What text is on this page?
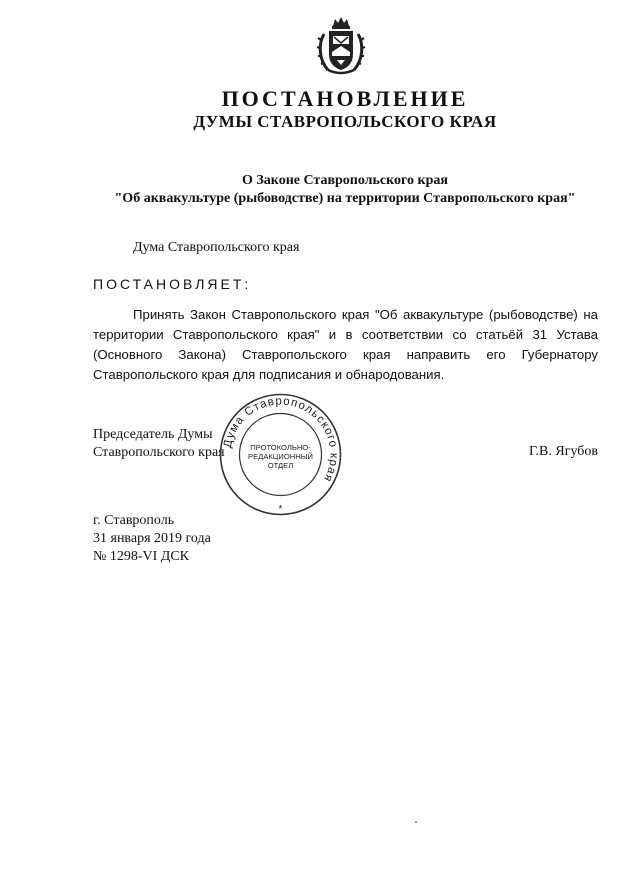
ПОСТАНОВЛЕНИЕ
ДУМЫ СТАВРОПОЛЬСКОГО КРАЯ
О Законе Ставропольского края
"Об аквакультуре (рыбоводстве) на территории Ставропольского края"
Дума Ставропольского края
ПОСТАНОВЛЯЕТ:
Принять Закон Ставропольского края "Об аквакультуре (рыбоводстве) на территории Ставропольского края" и в соответствии со статьёй 31 Устава (Основного Закона) Ставропольского края направить его Губернатору Ставропольского края для подписания и обнародования.
Председатель Думы
Ставропольского края
Дума Ставропольского края
ПРОТОКОЛЬНО-
РЕДАКЦИОННЫЙ
ОТДЕЛ
*
Г.В. Ягубов
г. Ставрополь
31 января 2019 года
№ 1298-VI ДСК
